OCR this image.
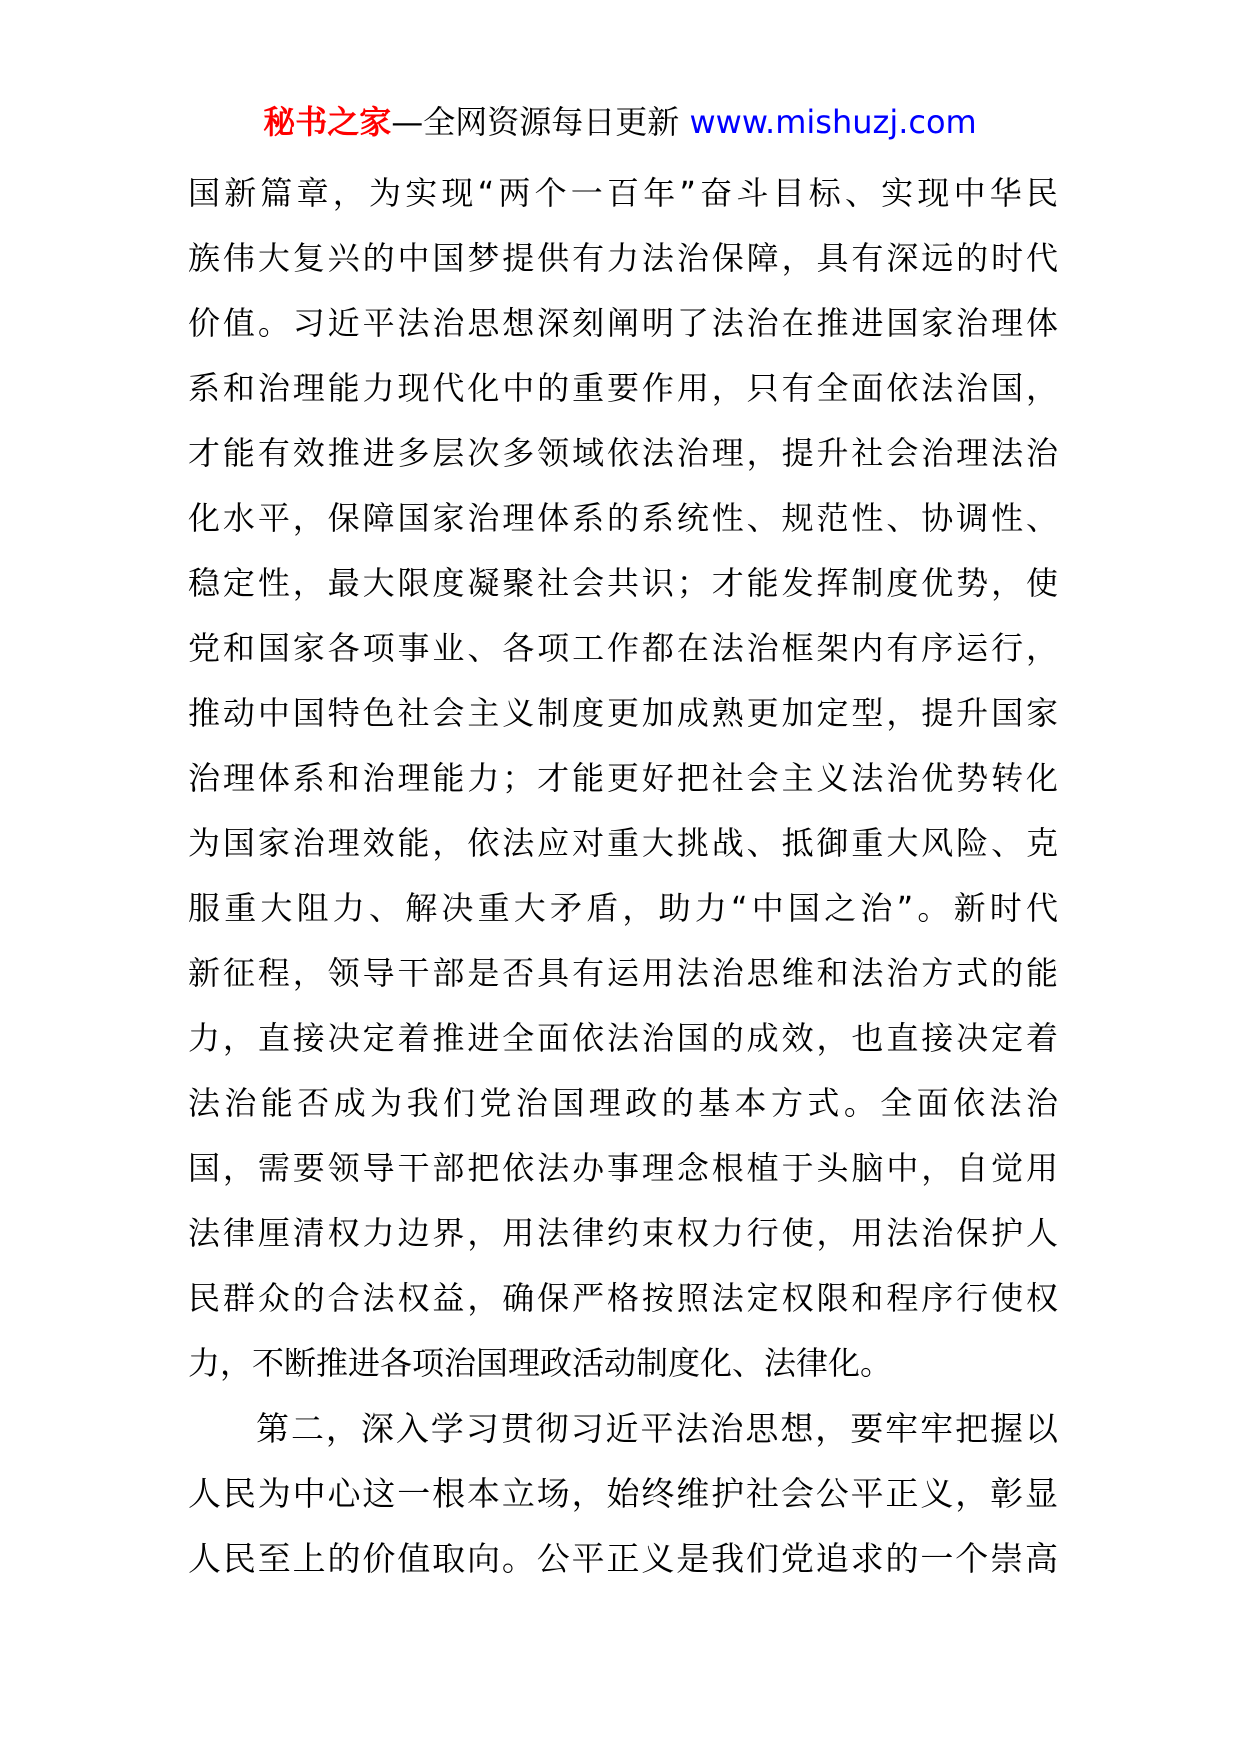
秘书之家—全网资源每日更新 www.mishuzj.com
国新篇章，为实现“两个一百年”奋斗目标、实现中华民
族伟大复兴的中国梦提供有力法治保障，具有深远的时代
价值。习近平法治思想深刻阐明了法治在推进国家治理体
系和治理能力现代化中的重要作用，只有全面依法治国，
才能有效推进多层次多领域依法治理，提升社会治理法治
化水平，保障国家治理体系的系统性、规范性、协调性、
稳定性，最大限度凝聚社会共识；才能发挥制度优势，使
党和国家各项事业、各项工作都在法治框架内有序运行，
推动中国特色社会主义制度更加成熟更加定型，提升国家
治理体系和治理能力；才能更好把社会主义法治优势转化
为国家治理效能，依法应对重大挑战、抵御重大风险、克
服重大阻力、解决重大矛盾，助力“中国之治”。新时代
新征程，领导干部是否具有运用法治思维和法治方式的能
力，直接决定着推进全面依法治国的成效，也直接决定着
法治能否成为我们党治国理政的基本方式。全面依法治
国，需要领导干部把依法办事理念根植于头脑中，自觉用
法律厘清权力边界，用法律约束权力行使，用法治保护人
民群众的合法权益，确保严格按照法定权限和程序行使权
力，不断推进各项治国理政活动制度化、法律化。
第二，深入学习贯彻习近平法治思想，要牢牢把握以
人民为中心这一根本立场，始终维护社会公平正义，彰显
人民至上的价值取向。公平正义是我们党追求的一个崇高
